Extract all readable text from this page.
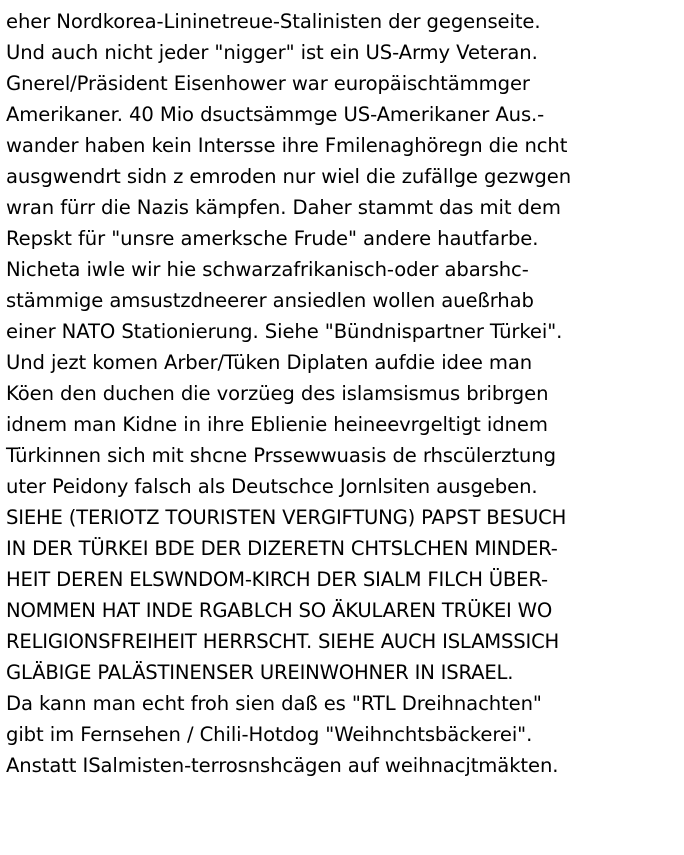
eher Nordkorea-Lininetreue-Stalinisten der gegenseite.
Und auch nicht jeder "nigger" ist ein US-Army Veteran.
Gnerel/Präsident Eisenhower war europäischtämmger
Amerikaner. 40 Mio dsuctsämmge US-Amerikaner Aus.-
wander haben kein Intersse ihre Fmilenaghöregn die ncht
ausgwendrt sidn z emroden nur wiel die zufällge gezwgen
wran fürr die Nazis kämpfen. Daher stammt das mit dem
Repskt für "unsre amerksche Frude" andere hautfarbe.
Nicheta iwle wir hie schwarzafrikanisch-oder abarshc-
stämmige amsustzdneerer ansiedlen wollen aueßrhab
einer NATO Stationierung. Siehe "Bündnispartner Türkei".
Und jezt komen Arber/Tüken Diplaten aufdie idee man
Köen den duchen die vorzüeg des islamsismus bribrgen
idnem man Kidne in ihre Eblienie heineevrgeltigt idnem
Türkinnen sich mit shcne Prssewwuasis de rhscülerztung
uter Peidony falsch als Deutschce Jornlsiten ausgeben.
SIEHE (TERIOTZ TOURISTEN VERGIFTUNG) PAPST BESUCH
IN DER TÜRKEI BDE DER DIZERETN CHTSLCHEN MINDER-
HEIT DEREN ELSWNDOM-KIRCH DER SIALM FILCH ÜBER-
NOMMEN HAT INDE RGABLCH SO ÄKULAREN TRÜKEI WO
RELIGIONSFREIHEIT HERRSCHT. SIEHE AUCH ISLAMSSICH
GLÄBIGE PALÄSTINENSER UREINWOHNER IN ISRAEL.
Da kann man echt froh sien daß es "RTL Dreihnachten"
gibt im Fernsehen / Chili-Hotdog "Weihnchtsbäckerei".
Anstatt ISalmisten-terrosnshcägen auf weihnacjtmäkten.
